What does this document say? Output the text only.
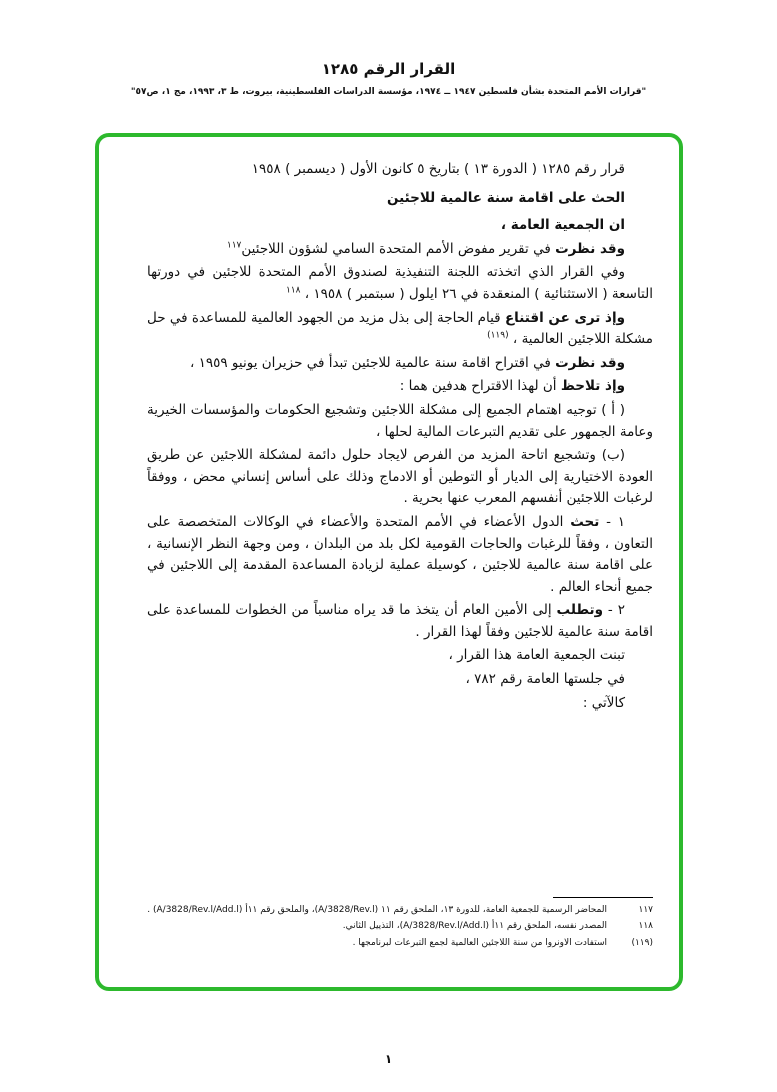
القرار الرقم ١٢٨٥
"قرارات الأمم المتحدة بشأن فلسطين ١٩٤٧ ــ ١٩٧٤، مؤسسة الدراسات الفلسطينية، بيروت، ط ٣، ١٩٩٣، مج ١، ص٥٧"

قرار رقم ١٢٨٥ ( الدورة ١٣ ) بتاريخ ٥ كانون الأول ( ديسمبر ) ١٩٥٨

الحث على اقامة سنة عالمية للاجئين

ان الجمعية العامة ،

وقد نظرت في تقرير مفوض الأمم المتحدة السامي لشؤون اللاجئين$^{١١٧}$

وفي القرار الذي اتخذته اللجنة التنفيذية لصندوق الأمم المتحدة للاجئين في دورتها التاسعة ( الاستثنائية ) المنعقدة في ٢٦ ايلول ( سبتمبر ) ١٩٥٨ ، $^{١١٨}$

وإذ ترى عن اقتناع قيام الحاجة إلى بذل مزيد من الجهود العالمية للمساعدة في حل مشكلة اللاجئين العالمية ، $^{(١١٩)}$

وقد نظرت في اقتراح اقامة سنة عالمية للاجئين تبدأ في حزيران يونيو ١٩٥٩ ،

وإذ تلاحظ أن لهذا الاقتراح هدفين هما :

( أ ) توجيه اهتمام الجميع إلى مشكلة اللاجئين وتشجيع الحكومات والمؤسسات الخيرية وعامة الجمهور على تقديم التبرعات المالية لحلها ،

(ب) وتشجيع اتاحة المزيد من الفرص لايجاد حلول دائمة لمشكلة اللاجئين عن طريق العودة الاختيارية إلى الديار أو التوطين أو الادماج وذلك على أساس إنساني محض ، ووفقاً لرغبات اللاجئين أنفسهم المعرب عنها بحرية .

١ - تحث الدول الأعضاء في الأمم المتحدة والأعضاء في الوكالات المتخصصة على التعاون ، وفقاً للرغبات والحاجات القومية لكل بلد من البلدان ، ومن وجهة النظر الإنسانية ، على اقامة سنة عالمية للاجئين ، كوسيلة عملية لزيادة المساعدة المقدمة إلى اللاجئين في جميع أنحاء العالم .

٢ - وتطلب إلى الأمين العام أن يتخذ ما قد يراه مناسباً من الخطوات للمساعدة على اقامة سنة عالمية للاجئين وفقاً لهذا القرار .

تبنت الجمعية العامة هذا القرار ،

في جلستها العامة رقم ٧٨٢ ،

كالآتي :

١١٧
المحاضر الرسمية للجمعية العامة، للدورة ١٣، الملحق رقم ١١ (A/3828/Rev.l)، والملحق رقم ١١أ (A/3828/Rev.l/Add.l) .
١١٨
المصدر نفسه، الملحق رقم ١١أ (A/3828/Rev.l/Add.l)، التذييل الثاني.
(١١٩)
استفادت الاونروا من سنة اللاجئين العالمية لجمع التبرعات لبرنامجها .
١
